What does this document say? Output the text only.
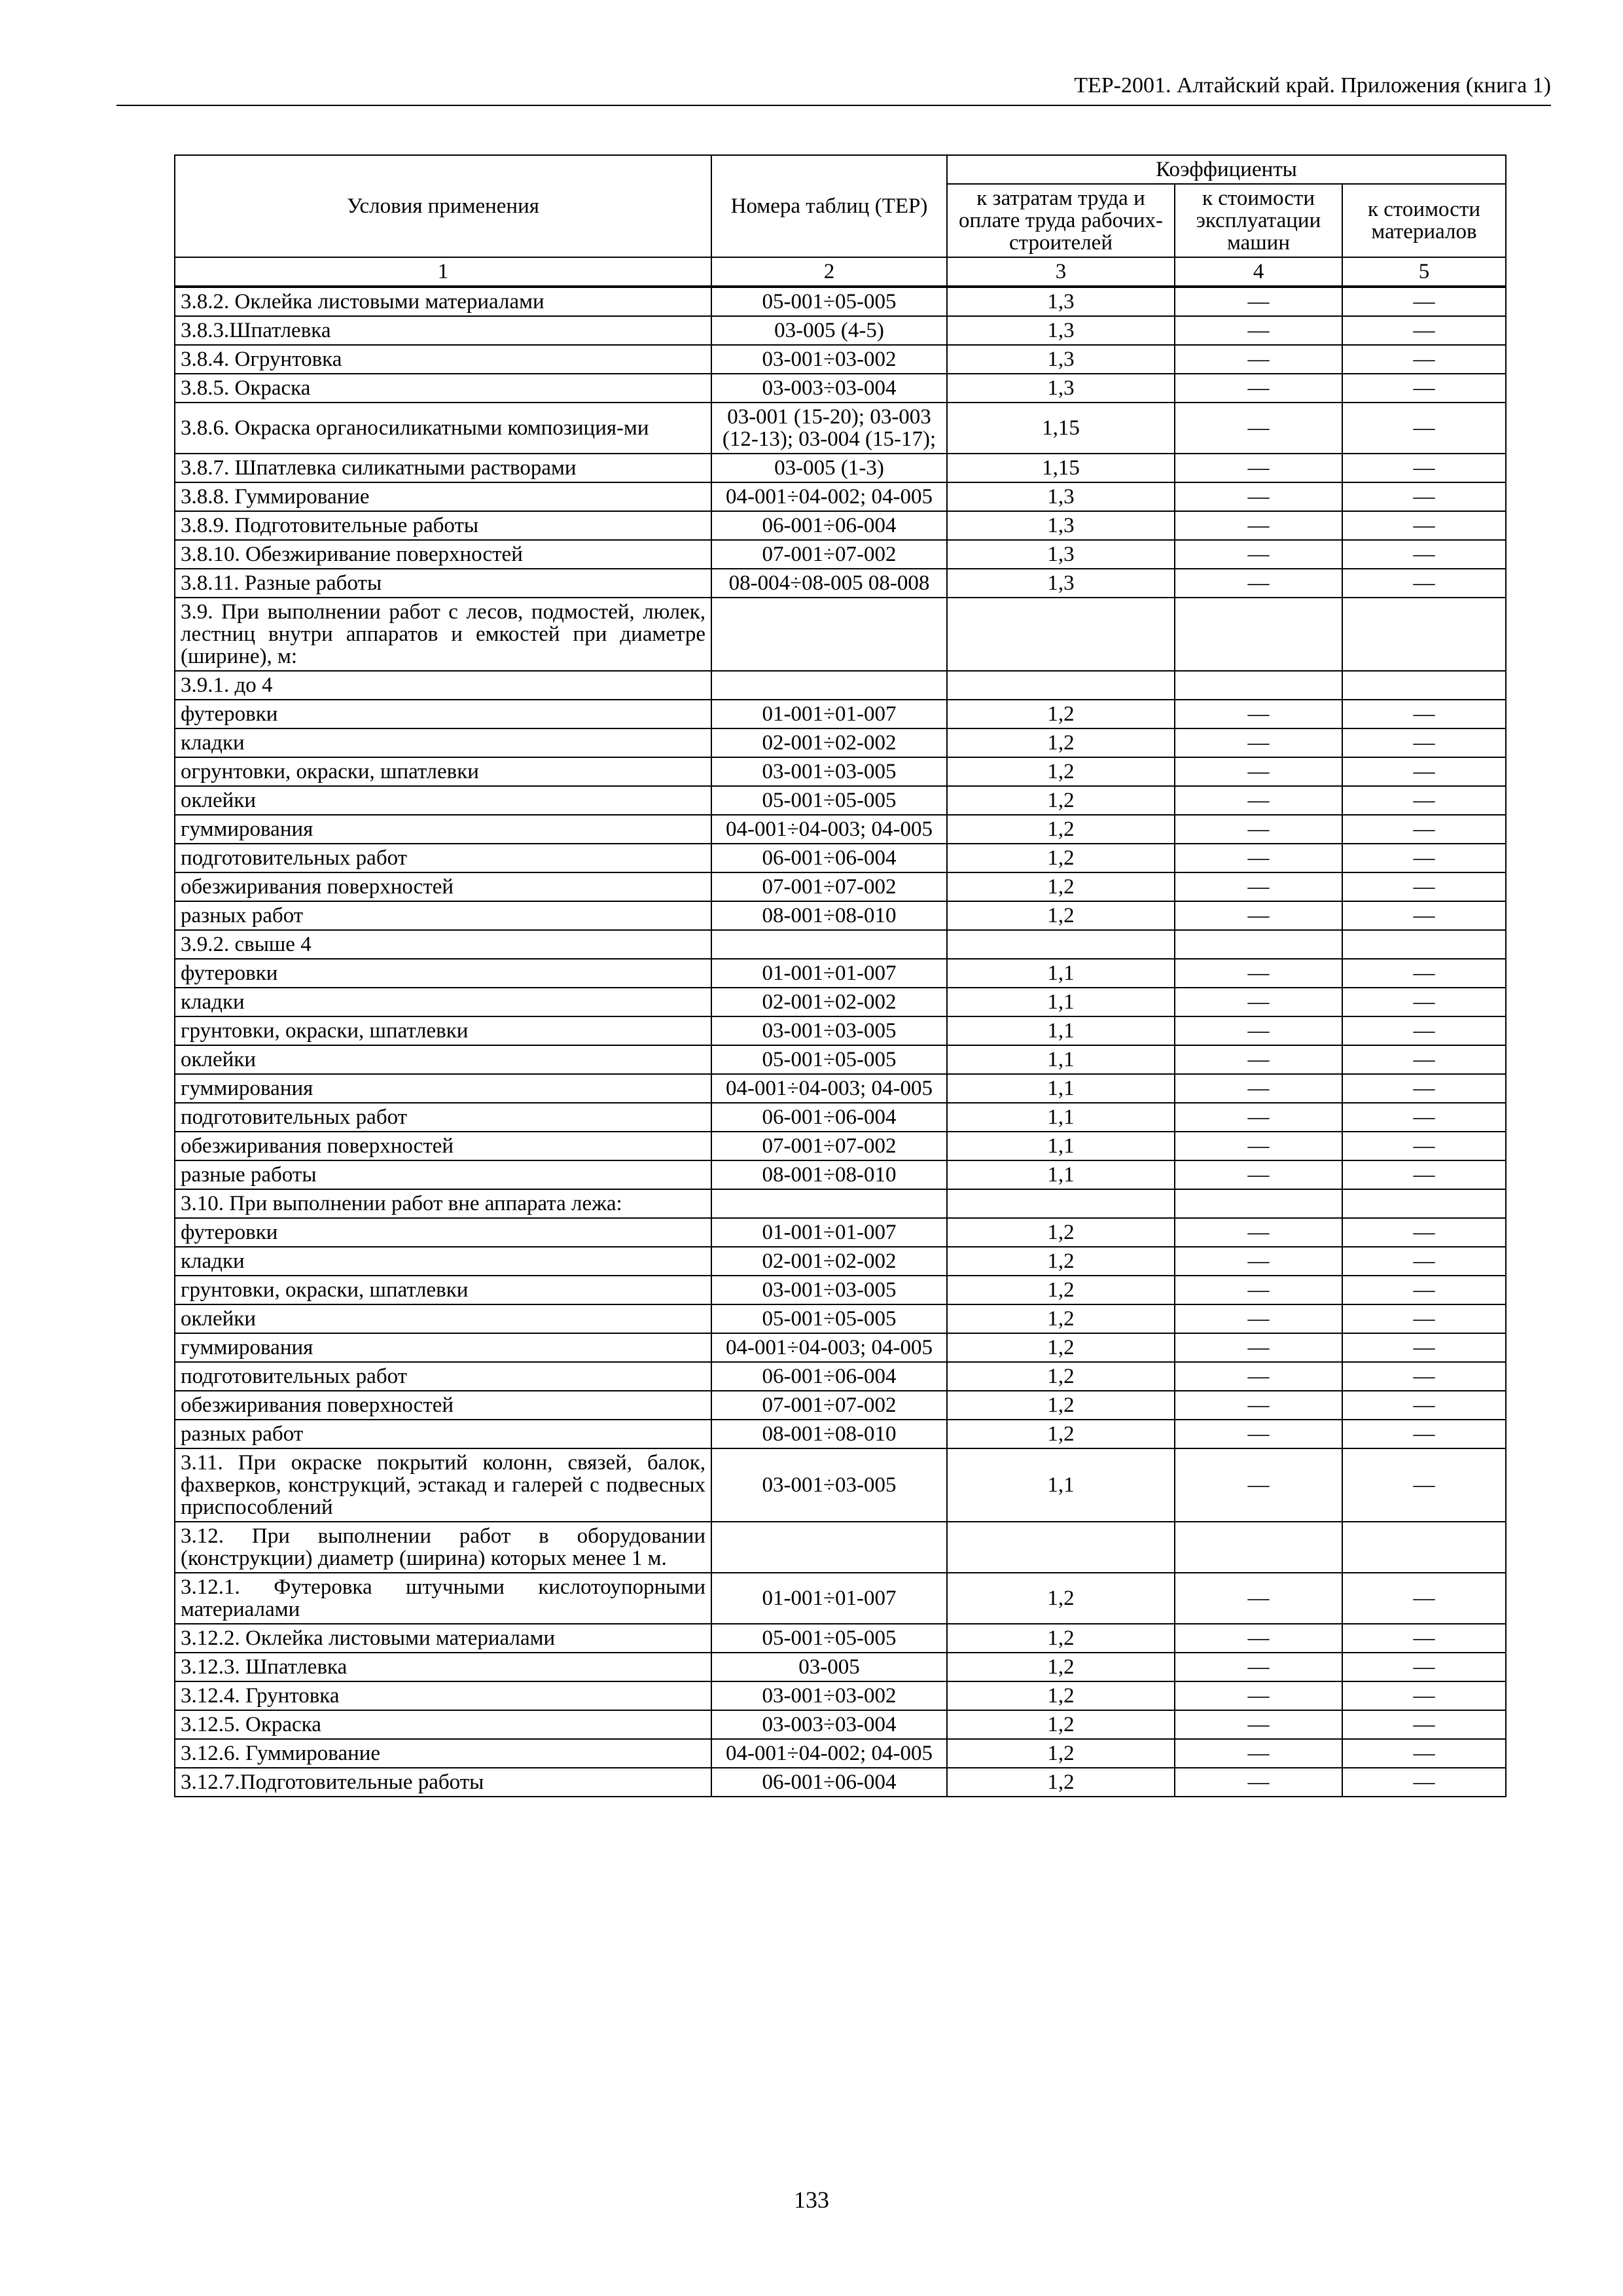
ТЕР-2001. Алтайский край. Приложения (книга 1)
Условия применения	Номера таблиц (ТЕР)	Коэффициенты		
		к затратам труда и оплате труда рабочих-строителей	к стоимости эксплуатации машин	к стоимости материалов
1	2	3	4	5
3.8.2. Оклейка листовыми материалами	05-001÷05-005	1,3	—	—
3.8.3.Шпатлевка	03-005 (4-5)	1,3	—	—
3.8.4. Огрунтовка	03-001÷03-002	1,3	—	—
3.8.5. Окраска	03-003÷03-004	1,3	—	—
3.8.6. Окраска органосиликатными композиция-ми	03-001 (15-20); 03-003 (12-13); 03-004 (15-17);	1,15	—	—
3.8.7. Шпатлевка силикатными растворами	03-005 (1-3)	1,15	—	—
3.8.8. Гуммирование	04-001÷04-002; 04-005	1,3	—	—
3.8.9. Подготовительные работы	06-001÷06-004	1,3	—	—
3.8.10. Обезжиривание поверхностей	07-001÷07-002	1,3	—	—
3.8.11. Разные работы	08-004÷08-005 08-008	1,3	—	—
3.9. При выполнении работ с лесов, подмостей, люлек, лестниц внутри аппаратов и емкостей при диаметре (ширине), м:				
3.9.1. до 4				
футеровки	01-001÷01-007	1,2	—	—
кладки	02-001÷02-002	1,2	—	—
огрунтовки, окраски, шпатлевки	03-001÷03-005	1,2	—	—
оклейки	05-001÷05-005	1,2	—	—
гуммирования	04-001÷04-003; 04-005	1,2	—	—
подготовительных работ	06-001÷06-004	1,2	—	—
обезжиривания поверхностей	07-001÷07-002	1,2	—	—
разных работ	08-001÷08-010	1,2	—	—
3.9.2. свыше 4				
футеровки	01-001÷01-007	1,1	—	—
кладки	02-001÷02-002	1,1	—	—
грунтовки, окраски, шпатлевки	03-001÷03-005	1,1	—	—
оклейки	05-001÷05-005	1,1	—	—
гуммирования	04-001÷04-003; 04-005	1,1	—	—
подготовительных работ	06-001÷06-004	1,1	—	—
обезжиривания поверхностей	07-001÷07-002	1,1	—	—
разные работы	08-001÷08-010	1,1	—	—
3.10. При выполнении работ вне аппарата лежа:				
футеровки	01-001÷01-007	1,2	—	—
кладки	02-001÷02-002	1,2	—	—
грунтовки, окраски, шпатлевки	03-001÷03-005	1,2	—	—
оклейки	05-001÷05-005	1,2	—	—
гуммирования	04-001÷04-003; 04-005	1,2	—	—
подготовительных работ	06-001÷06-004	1,2	—	—
обезжиривания поверхностей	07-001÷07-002	1,2	—	—
разных работ	08-001÷08-010	1,2	—	—
3.11. При окраске покрытий колонн, связей, балок, фахверков, конструкций, эстакад и галерей с подвесных приспособлений	03-001÷03-005	1,1	—	—
3.12. При выполнении работ в оборудовании (конструкции) диаметр (ширина) которых менее 1 м.				
3.12.1. Футеровка штучными кислотоупорными материалами	01-001÷01-007	1,2	—	—
3.12.2. Оклейка листовыми материалами	05-001÷05-005	1,2	—	—
3.12.3. Шпатлевка	03-005	1,2	—	—
3.12.4. Грунтовка	03-001÷03-002	1,2	—	—
3.12.5. Окраска	03-003÷03-004	1,2	—	—
3.12.6. Гуммирование	04-001÷04-002; 04-005	1,2	—	—
3.12.7.Подготовительные работы	06-001÷06-004	1,2	—	—
133
